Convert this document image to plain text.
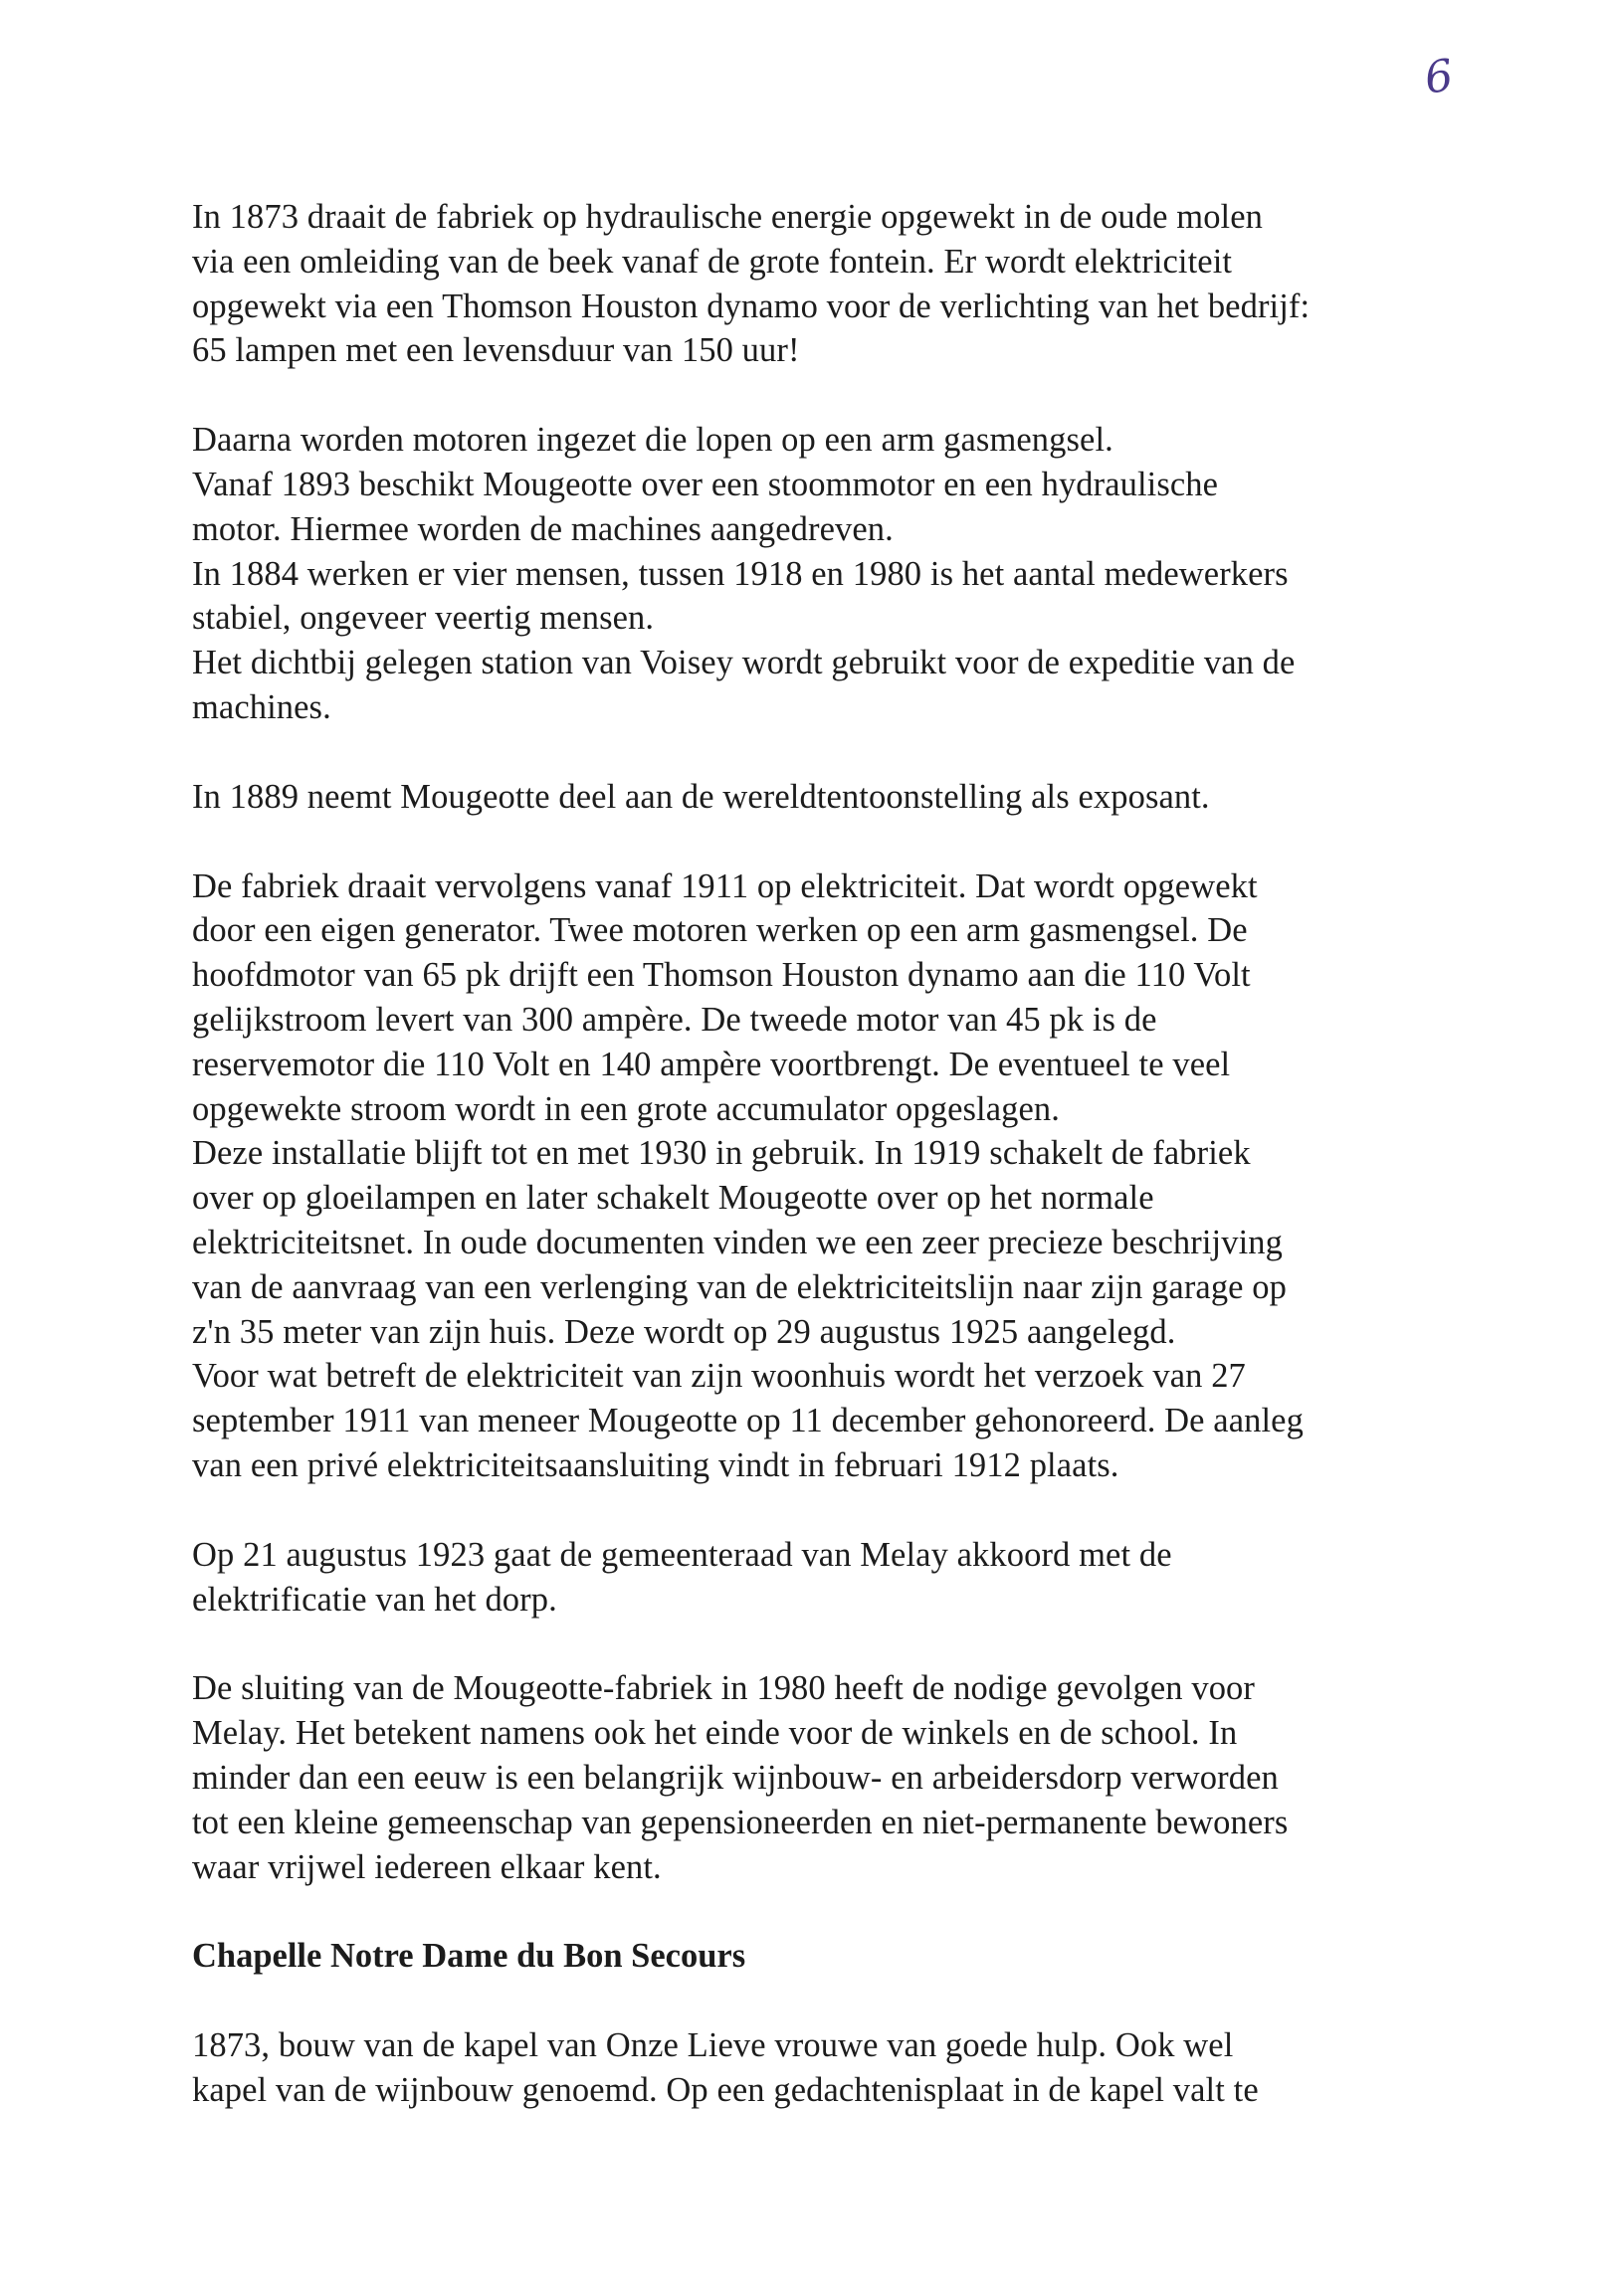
6

In 1873 draait de fabriek op hydraulische energie opgewekt in de oude molen
via een omleiding van de beek vanaf de grote fontein. Er wordt elektriciteit
opgewekt via een Thomson Houston dynamo voor de verlichting van het bedrijf:
65 lampen met een levensduur van 150 uur!

Daarna worden motoren ingezet die lopen op een arm gasmengsel.
Vanaf 1893 beschikt Mougeotte over een stoommotor en een hydraulische
motor. Hiermee worden de machines aangedreven.
In 1884 werken er vier mensen, tussen 1918 en 1980 is het aantal medewerkers
stabiel, ongeveer veertig mensen.
Het dichtbij gelegen station van Voisey wordt gebruikt voor de expeditie van de
machines.

In 1889 neemt Mougeotte deel aan de wereldtentoonstelling als exposant.

De fabriek draait vervolgens vanaf 1911 op elektriciteit. Dat wordt opgewekt
door een eigen generator. Twee motoren werken op een arm gasmengsel. De
hoofdmotor van 65 pk drijft een Thomson Houston dynamo aan die 110 Volt
gelijkstroom levert van 300 ampère. De tweede motor van 45 pk is de
reservemotor die 110 Volt en 140 ampère voortbrengt. De eventueel te veel
opgewekte stroom wordt in een grote accumulator opgeslagen.
Deze installatie blijft tot en met 1930 in gebruik. In 1919 schakelt de fabriek
over op gloeilampen en later schakelt Mougeotte over op het normale
elektriciteitsnet. In oude documenten vinden we een zeer precieze beschrijving
van de aanvraag van een verlenging van de elektriciteitslijn naar zijn garage op
z'n 35 meter van zijn huis. Deze wordt op 29 augustus 1925 aangelegd.
Voor wat betreft de elektriciteit van zijn woonhuis wordt het verzoek van 27
september 1911 van meneer Mougeotte op 11 december gehonoreerd. De aanleg
van een privé elektriciteitsaansluiting vindt in februari 1912 plaats.

Op 21 augustus 1923 gaat de gemeenteraad van Melay akkoord met de
elektrificatie van het dorp.

De sluiting van de Mougeotte-fabriek in 1980 heeft de nodige gevolgen voor
Melay. Het betekent namens ook het einde voor de winkels en de school. In
minder dan een eeuw is een belangrijk wijnbouw- en arbeidersdorp verworden
tot een kleine gemeenschap van gepensioneerden en niet-permanente bewoners
waar vrijwel iedereen elkaar kent.

Chapelle Notre Dame du Bon Secours

1873, bouw van de kapel van Onze Lieve vrouwe van goede hulp. Ook wel
kapel van de wijnbouw genoemd. Op een gedachtenisplaat in de kapel valt te
